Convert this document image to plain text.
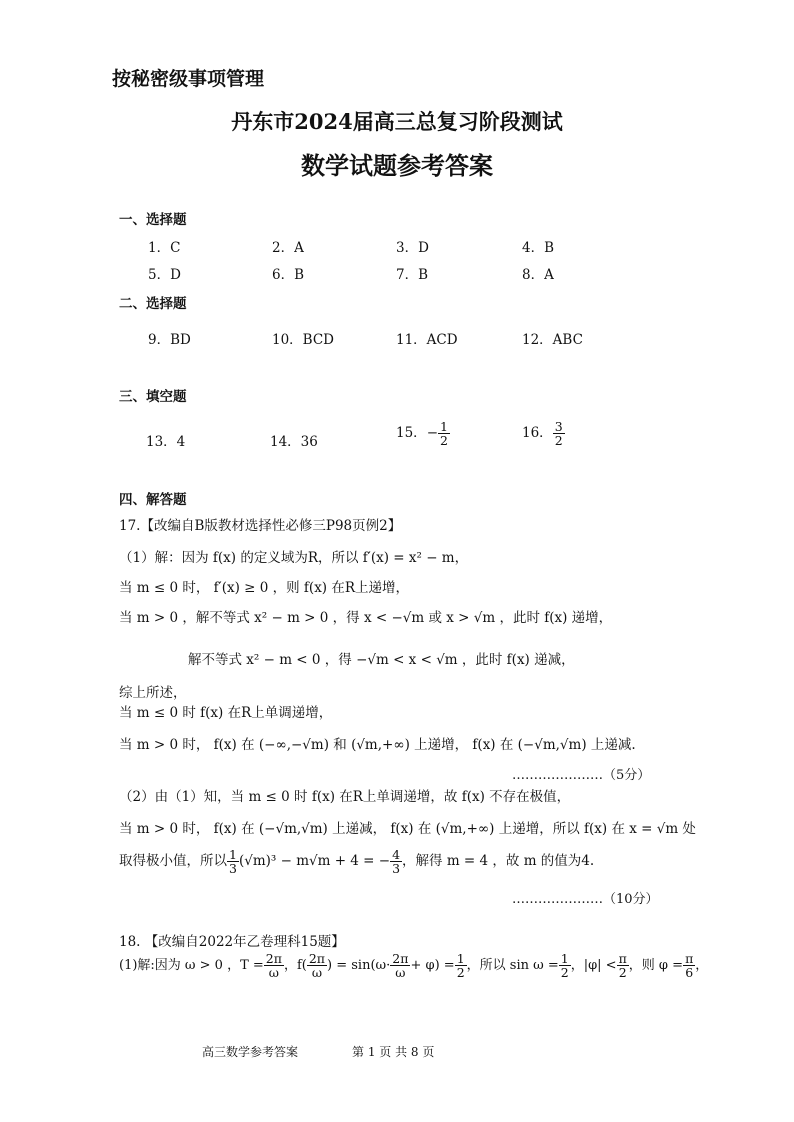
按秘密级事项管理
丹东市2024届高三总复习阶段测试
数学试题参考答案
一、选择题
1．C	2．A	3．D	4．B
5．D	6．B	7．B	8．A
二、选择题
9．BD	10．BCD	11．ACD	12．ABC
三、填空题
13．4	14．36
15．− $\frac{1}{2}$	16． $\frac{3}{2}$
四、解答题
17.【改编自B版教材选择性必修三P98页例2】
（1）解：因为 f(x) 的定义域为R，所以 f′(x) = x² − m，
当 m ≤ 0 时， f′(x) ≥ 0 ，则 f(x) 在R上递增，
当 m > 0 ，解不等式 x² − m > 0 ，得 x < −√m 或 x > √m ，此时 f(x) 递增，
解不等式 x² − m < 0 ，得 −√m < x < √m ，此时 f(x) 递减，
综上所述，
当 m ≤ 0 时 f(x) 在R上单调递增，
当 m > 0 时， f(x) 在 (−∞,−√m) 和 (√m,+∞) 上递增， f(x) 在 (−√m,√m) 上递减.
…………………（5分）
（2）由（1）知，当 m ≤ 0 时 f(x) 在R上单调递增，故 f(x) 不存在极值，
当 m > 0 时， f(x) 在 (−√m,√m) 上递减， f(x) 在 (√m,+∞) 上递增，所以 f(x) 在 x = √m 处
取得极小值，所以 $\frac{1}{3} (√m)^3 - m√m + 4$ = − $\frac{4}{3}$ ，解得 m = 4 ，故 m 的值为4.
…………………（10分）
18. 【改编自2022年乙卷理科15题】
(1)解:因为 ω > 0 ，$T = \frac{2\pi}{\omega}$ ，$f( \frac{2\pi}{\omega}$ ) = $\sin(\omega\cdot \frac{2\pi}{\omega} + \varphi) = \frac{1}{2}$ ，所以 $\sin \omega = \frac{1}{2}$ ，$|\varphi| < \frac{\pi}{2}$ ，则 $\varphi = \frac{\pi}{6}$ ，
高三数学参考答案	第 1 页 共 8 页
